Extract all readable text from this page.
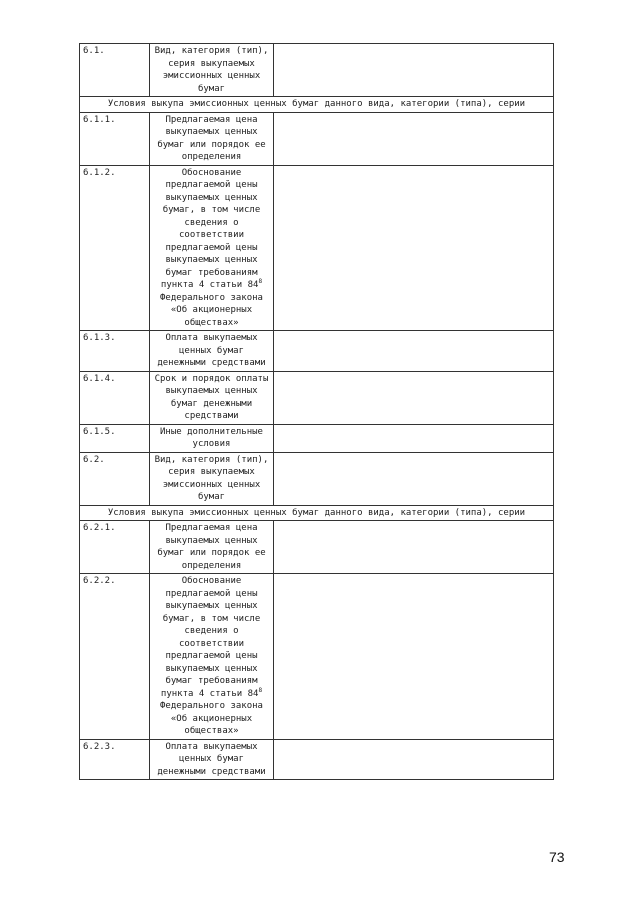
6.1.	Вид, категория (тип), серия выкупаемых эмиссионных ценных бумаг	
Условия выкупа эмиссионных ценных бумаг данного вида, категории (типа), серии		
6.1.1.	Предлагаемая цена выкупаемых ценных бумаг или порядок ее определения	
6.1.2.	Обоснование предлагаемой цены выкупаемых ценных бумаг, в том числе сведения о соответствии предлагаемой цены выкупаемых ценных бумаг требованиям пункта 4 статьи $84^8$ Федерального закона «Об акционерных обществах»	
6.1.3.	Оплата выкупаемых ценных бумаг денежными средствами	
6.1.4.	Срок и порядок оплаты выкупаемых ценных бумаг денежными средствами	
6.1.5.	Иные дополнительные условия	
6.2.	Вид, категория (тип), серия выкупаемых эмиссионных ценных бумаг	
Условия выкупа эмиссионных ценных бумаг данного вида, категории (типа), серии		
6.2.1.	Предлагаемая цена выкупаемых ценных бумаг или порядок ее определения	
6.2.2.	Обоснование предлагаемой цены выкупаемых ценных бумаг, в том числе сведения о соответствии предлагаемой цены выкупаемых ценных бумаг требованиям пункта 4 статьи $84^8$ Федерального закона «Об акционерных обществах»	
6.2.3.	Оплата выкупаемых ценных бумаг денежными средствами	
73
